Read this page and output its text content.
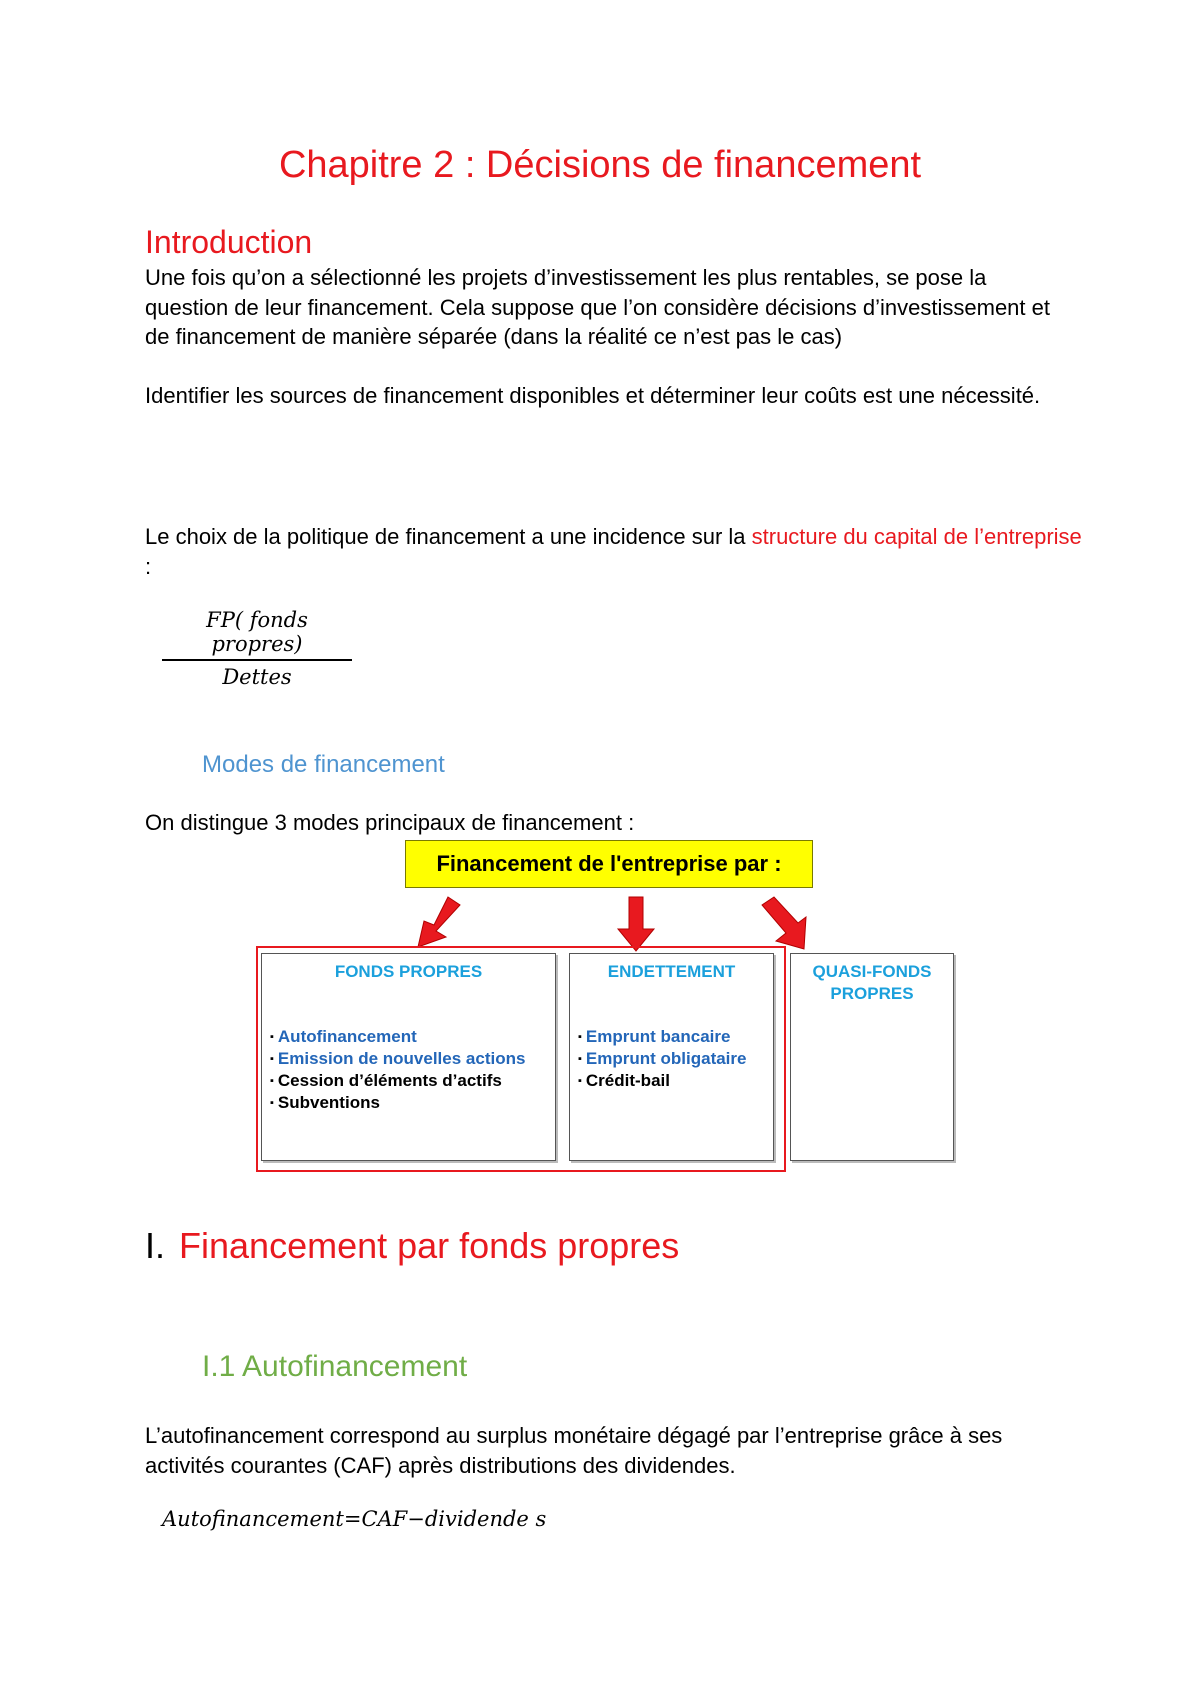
Chapitre 2 : Décisions de financement
Introduction
Une fois qu’on a sélectionné les projets d’investissement les plus rentables, se pose la question de leur financement. Cela suppose que l’on considère décisions d’investissement et de financement de manière séparée (dans la réalité ce n’est pas le cas)
Identifier les sources de financement disponibles et déterminer leur coûts est une nécessité.
Le choix de la politique de financement a une incidence sur la structure du capital de l’entreprise :
FP( fonds propres)
Dettes
Modes de financement
On distingue 3 modes principaux de financement :
Financement de l'entreprise par :
FONDS PROPRES
▪ Autofinancement
▪ Emission de nouvelles actions
▪ Cession d’éléments d’actifs
▪ Subventions
ENDETTEMENT
▪ Emprunt bancaire
▪ Emprunt obligataire
▪ Crédit-bail
QUASI-FONDS
PROPRES
I. Financement par fonds propres
I.1 Autofinancement
L’autofinancement correspond au surplus monétaire dégagé par l’entreprise grâce à ses activités courantes (CAF) après distributions des dividendes.
Autofinancement=CAF−dividende s
